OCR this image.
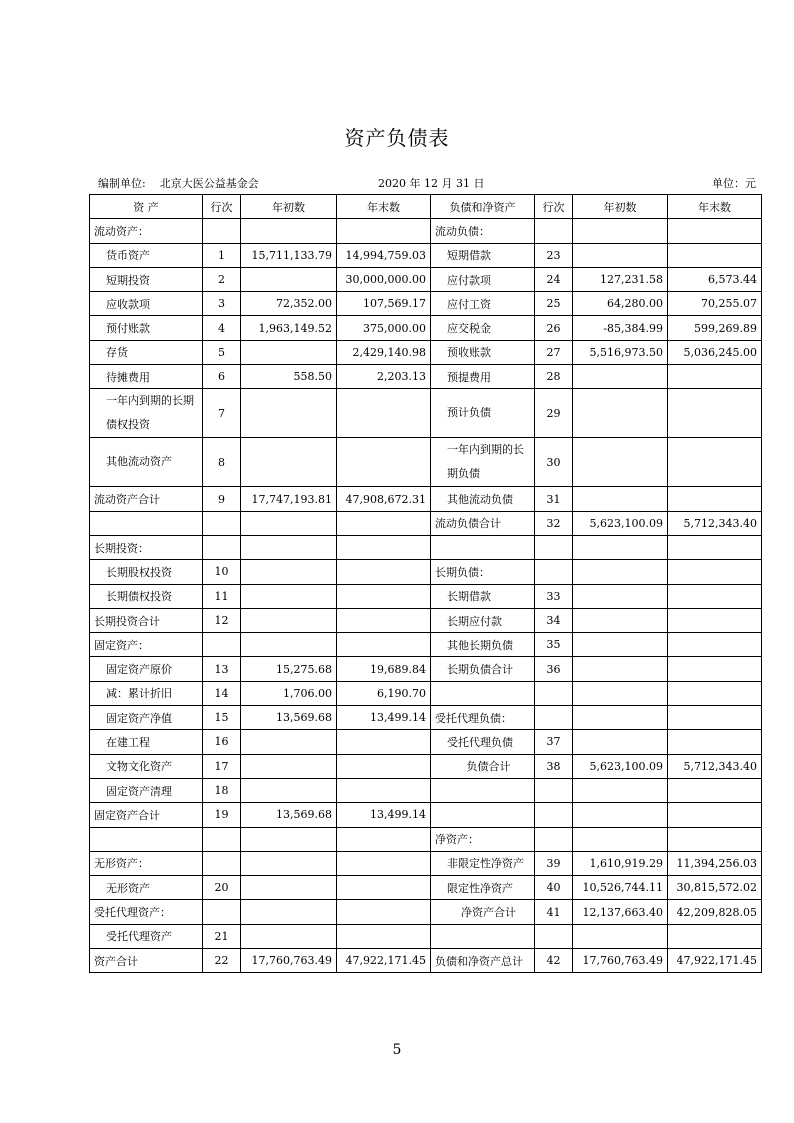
资产负债表
编制单位: 北京大医公益基金会	2020 年 12 月 31 日	单位：元
资 产	行次	年初数	年末数	负债和净资产	行次	年初数	年末数
流动资产：				流动负债：			
货币资产	1	15,711,133.79	14,994,759.03	短期借款	23		
短期投资	2		30,000,000.00	应付款项	24	127,231.58	6,573.44
应收款项	3	72,352.00	107,569.17	应付工资	25	64,280.00	70,255.07
预付账款	4	1,963,149.52	375,000.00	应交税金	26	-85,384.99	599,269.89
存货	5		2,429,140.98	预收账款	27	5,516,973.50	5,036,245.00
待摊费用	6	558.50	2,203.13	预提费用	28		
一年内到期的长期债权投资	7			预计负债	29		
其他流动资产	8			一年内到期的长期负债	30		
流动资产合计	9	17,747,193.81	47,908,672.31	其他流动负债	31		
				流动负债合计	32	5,623,100.09	5,712,343.40
长期投资：							
长期股权投资	10			长期负债：			
长期债权投资	11			长期借款	33		
长期投资合计	12			长期应付款	34		
固定资产：				其他长期负债	35		
固定资产原价	13	15,275.68	19,689.84	长期负债合计	36		
减：累计折旧	14	1,706.00	6,190.70				
固定资产净值	15	13,569.68	13,499.14	受托代理负债：			
在建工程	16			受托代理负债	37		
文物文化资产	17			负债合计	38	5,623,100.09	5,712,343.40
固定资产清理	18						
固定资产合计	19	13,569.68	13,499.14				
				净资产：			
无形资产：				非限定性净资产	39	1,610,919.29	11,394,256.03
无形资产	20			限定性净资产	40	10,526,744.11	30,815,572.02
受托代理资产：				净资产合计	41	12,137,663.40	42,209,828.05
受托代理资产	21						
资产合计	22	17,760,763.49	47,922,171.45	负债和净资产总计	42	17,760,763.49	47,922,171.45
5
